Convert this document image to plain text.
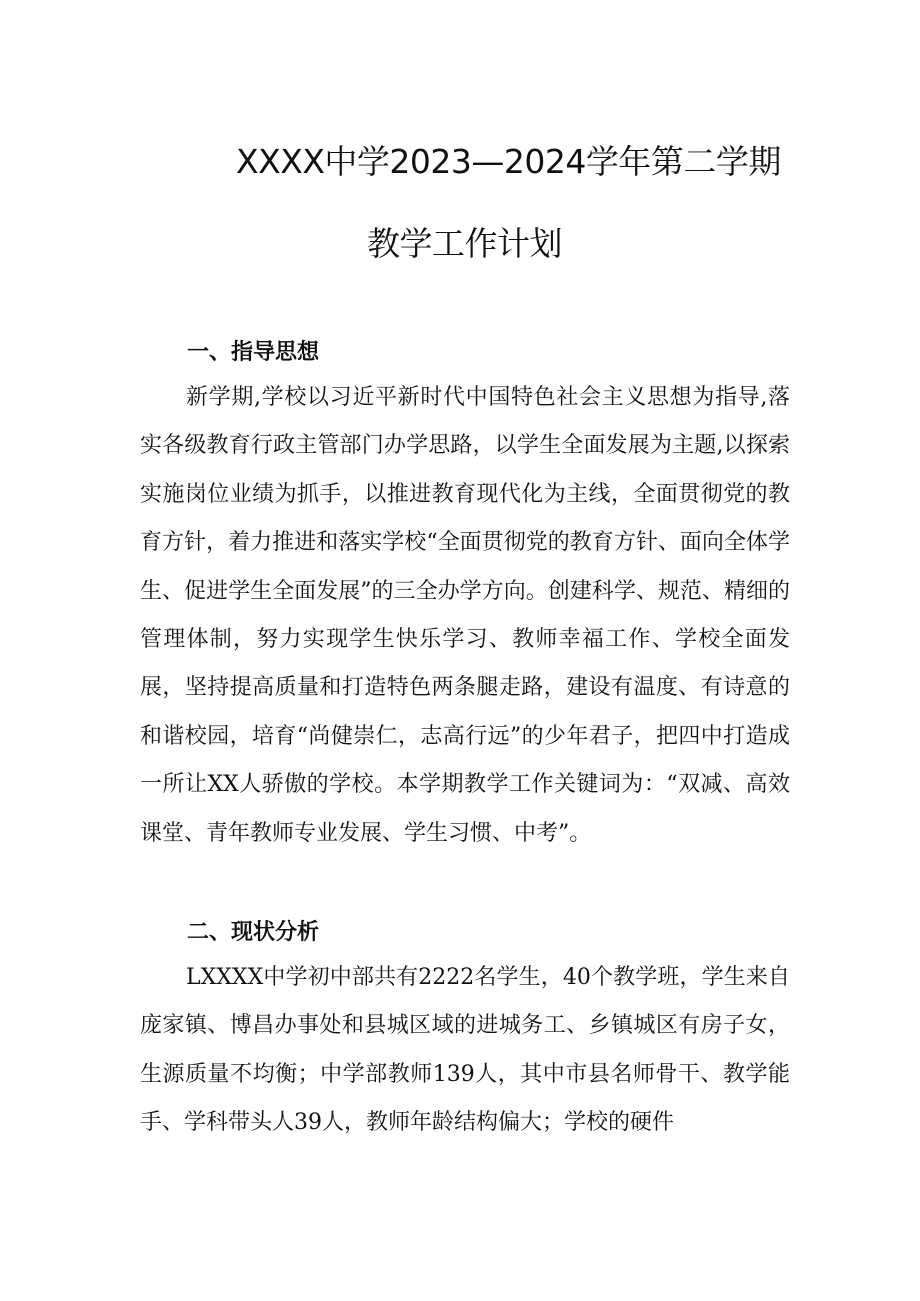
XXXX中学2023—2024学年第二学期
教学工作计划
一、指导思想
新学期,学校以习近平新时代中国特色社会主义思想为指导,落实各级教育行政主管部门办学思路，以学生全面发展为主题,以探索实施岗位业绩为抓手，以推进教育现代化为主线，全面贯彻党的教育方针，着力推进和落实学校“全面贯彻党的教育方针、面向全体学生、促进学生全面发展”的三全办学方向。创建科学、规范、精细的管理体制，努力实现学生快乐学习、教师幸福工作、学校全面发展，坚持提高质量和打造特色两条腿走路，建设有温度、有诗意的和谐校园，培育“尚健崇仁，志高行远”的少年君子，把四中打造成一所让XX人骄傲的学校。本学期教学工作关键词为：“双减、高效课堂、青年教师专业发展、学生习惯、中考”。
二、现状分析
LXXXX中学初中部共有2222名学生，40个教学班，学生来自庞家镇、博昌办事处和县城区域的进城务工、乡镇城区有房子女，生源质量不均衡；中学部教师139人，其中市县名师骨干、教学能手、学科带头人39人，教师年龄结构偏大；学校的硬件
